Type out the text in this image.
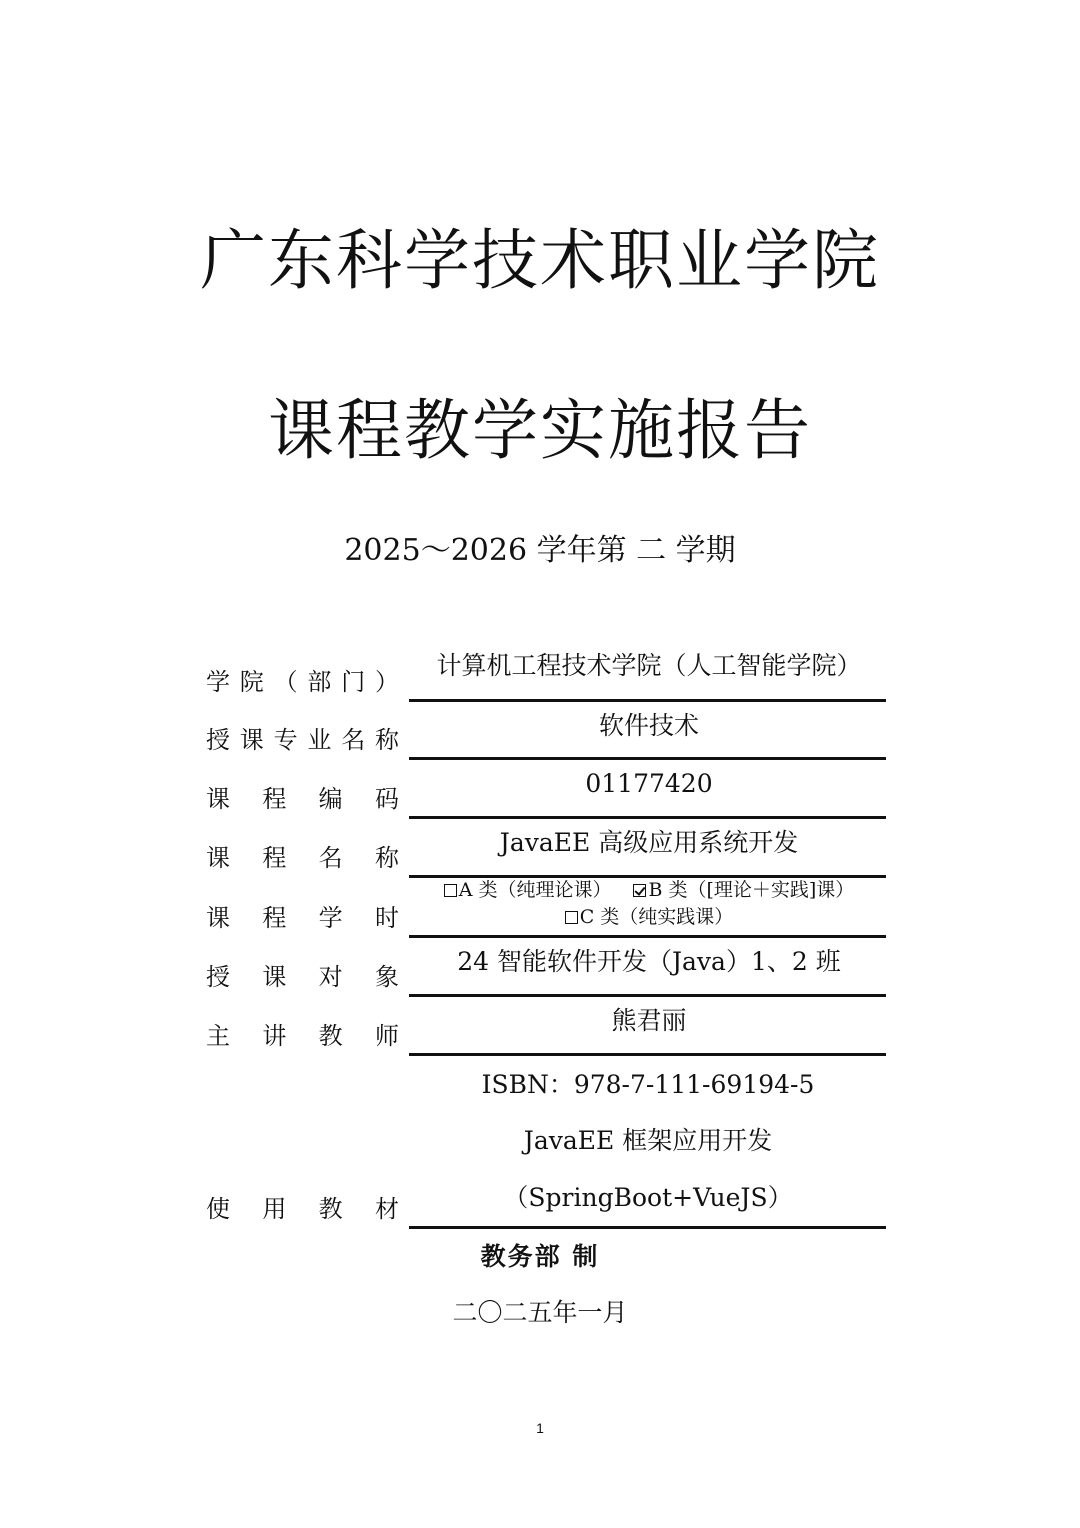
广东科学技术职业学院
课程教学实施报告
2025～2026 学年第 二 学期
学 院 （ 部 门 ）
计算机工程技术学院（人工智能学院）
授 课 专 业 名 称
软件技术
课 程 编 码
01177420
课 程 名 称
JavaEE 高级应用系统开发
课 程 学 时
A 类（纯理论课） B 类（[理论＋实践]课）
C 类（纯实践课）
授 课 对 象
24 智能软件开发（Java）1、2 班
主 讲 教 师
熊君丽
使 用 教 材
ISBN：978-7-111-69194-5
JavaEE 框架应用开发
（SpringBoot+VueJS）
教务部 制
二〇二五年一月
1
